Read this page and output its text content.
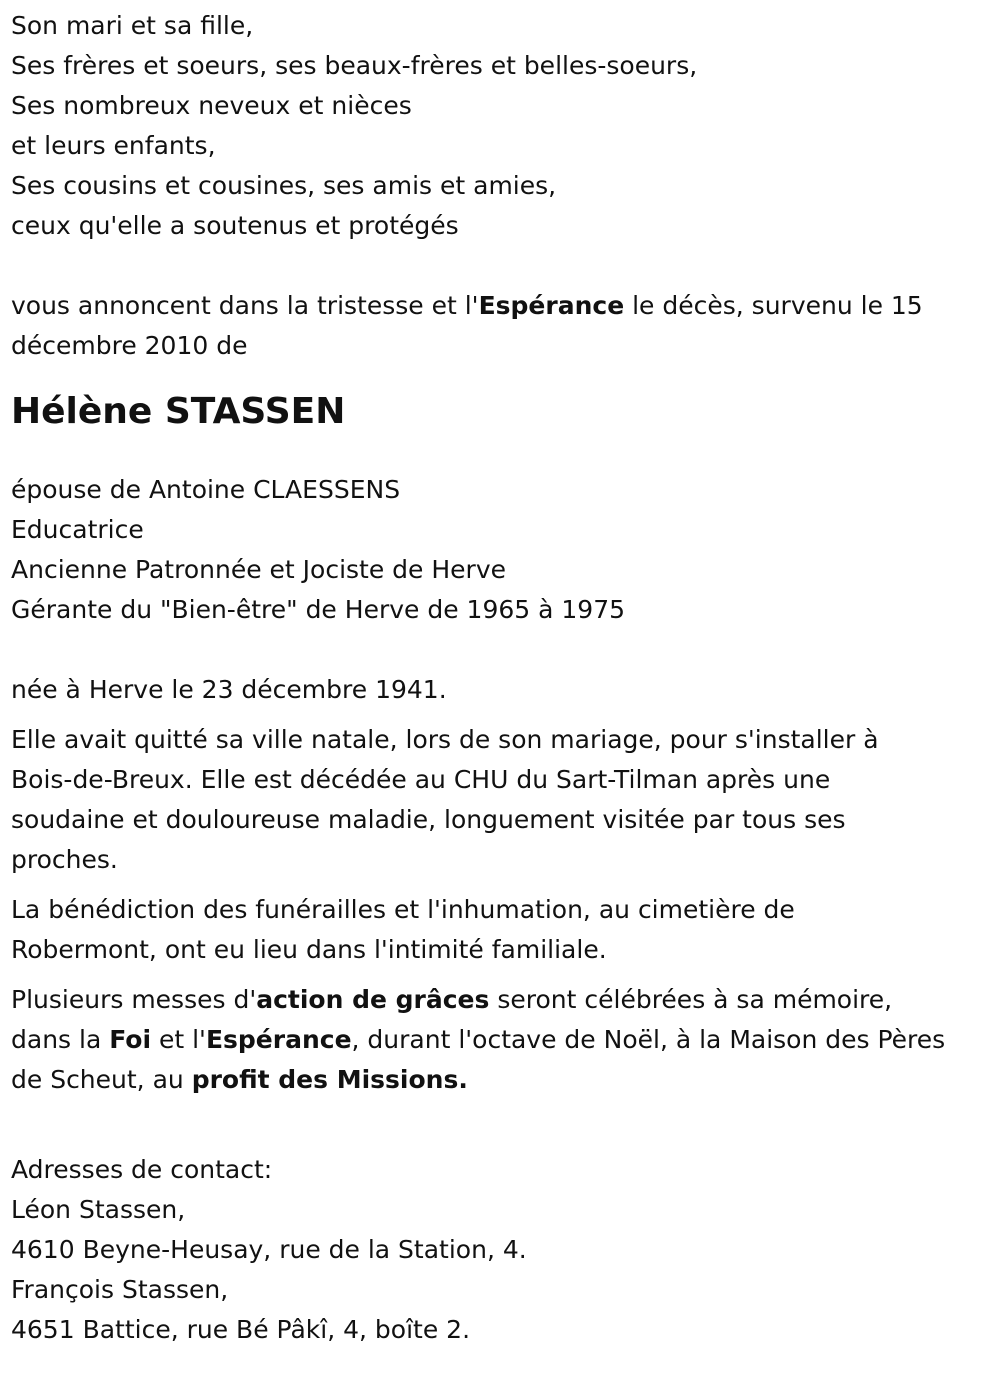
Son mari et sa fille,
Ses frères et soeurs, ses beaux-frères et belles-soeurs,
Ses nombreux neveux et nièces
et leurs enfants,
Ses cousins et cousines, ses amis et amies,
ceux qu'elle a soutenus et protégés
vous annoncent dans la tristesse et l'Espérance le décès, survenu le 15
décembre 2010 de
Hélène STASSEN
épouse de Antoine CLAESSENS
Educatrice
Ancienne Patronnée et Jociste de Herve
Gérante du "Bien-être" de Herve de 1965 à 1975
née à Herve le 23 décembre 1941.
Elle avait quitté sa ville natale, lors de son mariage, pour s'installer à
Bois-de-Breux. Elle est décédée au CHU du Sart-Tilman après une
soudaine et douloureuse maladie, longuement visitée par tous ses
proches.
La bénédiction des funérailles et l'inhumation, au cimetière de
Robermont, ont eu lieu dans l'intimité familiale.
Plusieurs messes d'action de grâces seront célébrées à sa mémoire,
dans la Foi et l'Espérance, durant l'octave de Noël, à la Maison des Pères
de Scheut, au profit des Missions.
Adresses de contact:
Léon Stassen,
4610 Beyne-Heusay, rue de la Station, 4.
François Stassen,
4651 Battice, rue Bé Pâkî, 4, boîte 2.
